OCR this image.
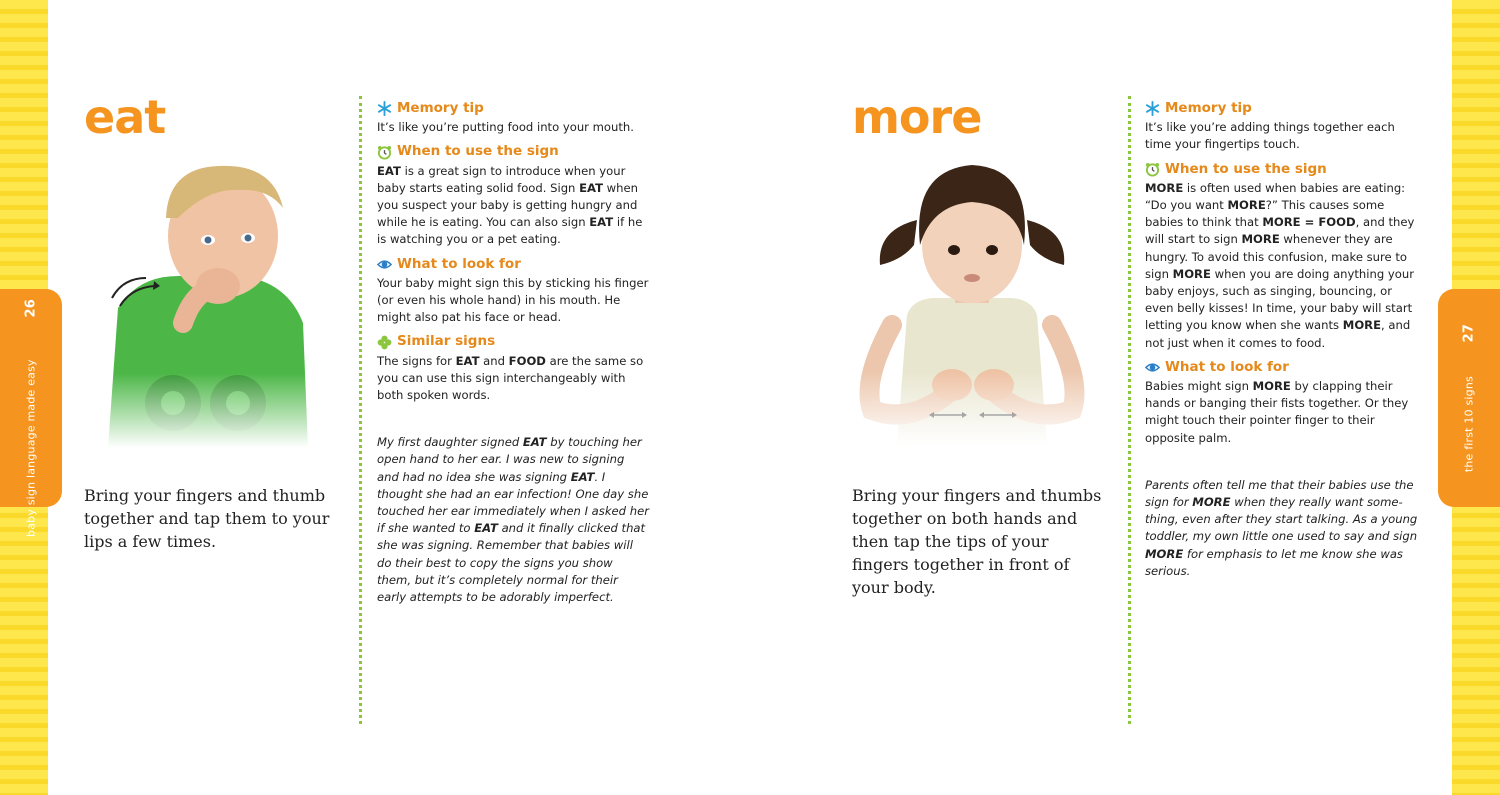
baby sign language made easy 26
the first 10 signs 27
eat
Bring your fingers and thumb together and tap them to your lips a few times.
Memory tip
It’s like you’re putting food into your mouth.
When to use the sign
EAT is a great sign to introduce when your baby starts eating solid food. Sign EAT when you suspect your baby is getting hungry and while he is eating. You can also sign EAT if he is watching you or a pet eating.
What to look for
Your baby might sign this by sticking his finger (or even his whole hand) in his mouth. He might also pat his face or head.
Similar signs
The signs for EAT and FOOD are the same so you can use this sign interchangeably with both spoken words.
My first daughter signed EAT by touching her open hand to her ear. I was new to signing and had no idea she was signing EAT. I thought she had an ear infection! One day she touched her ear immediately when I asked her if she wanted to EAT and it finally clicked that she was signing. Remember that babies will do their best to copy the signs you show them, but it’s completely normal for their early attempts to be adorably imperfect.
more
Bring your fingers and thumbs together on both hands and then tap the tips of your fingers together in front of your body.
Memory tip
It’s like you’re adding things together each time your fingertips touch.
When to use the sign
MORE is often used when babies are eating: “Do you want MORE?” This causes some babies to think that MORE = FOOD, and they will start to sign MORE whenever they are hungry. To avoid this confusion, make sure to sign MORE when you are doing anything your baby enjoys, such as singing, bouncing, or even belly kisses! In time, your baby will start letting you know when she wants MORE, and not just when it comes to food.
What to look for
Babies might sign MORE by clapping their hands or banging their fists together. Or they might touch their pointer finger to their opposite palm.
Parents often tell me that their babies use the sign for MORE when they really want some-thing, even after they start talking. As a young toddler, my own little one used to say and sign MORE for emphasis to let me know she was serious.
